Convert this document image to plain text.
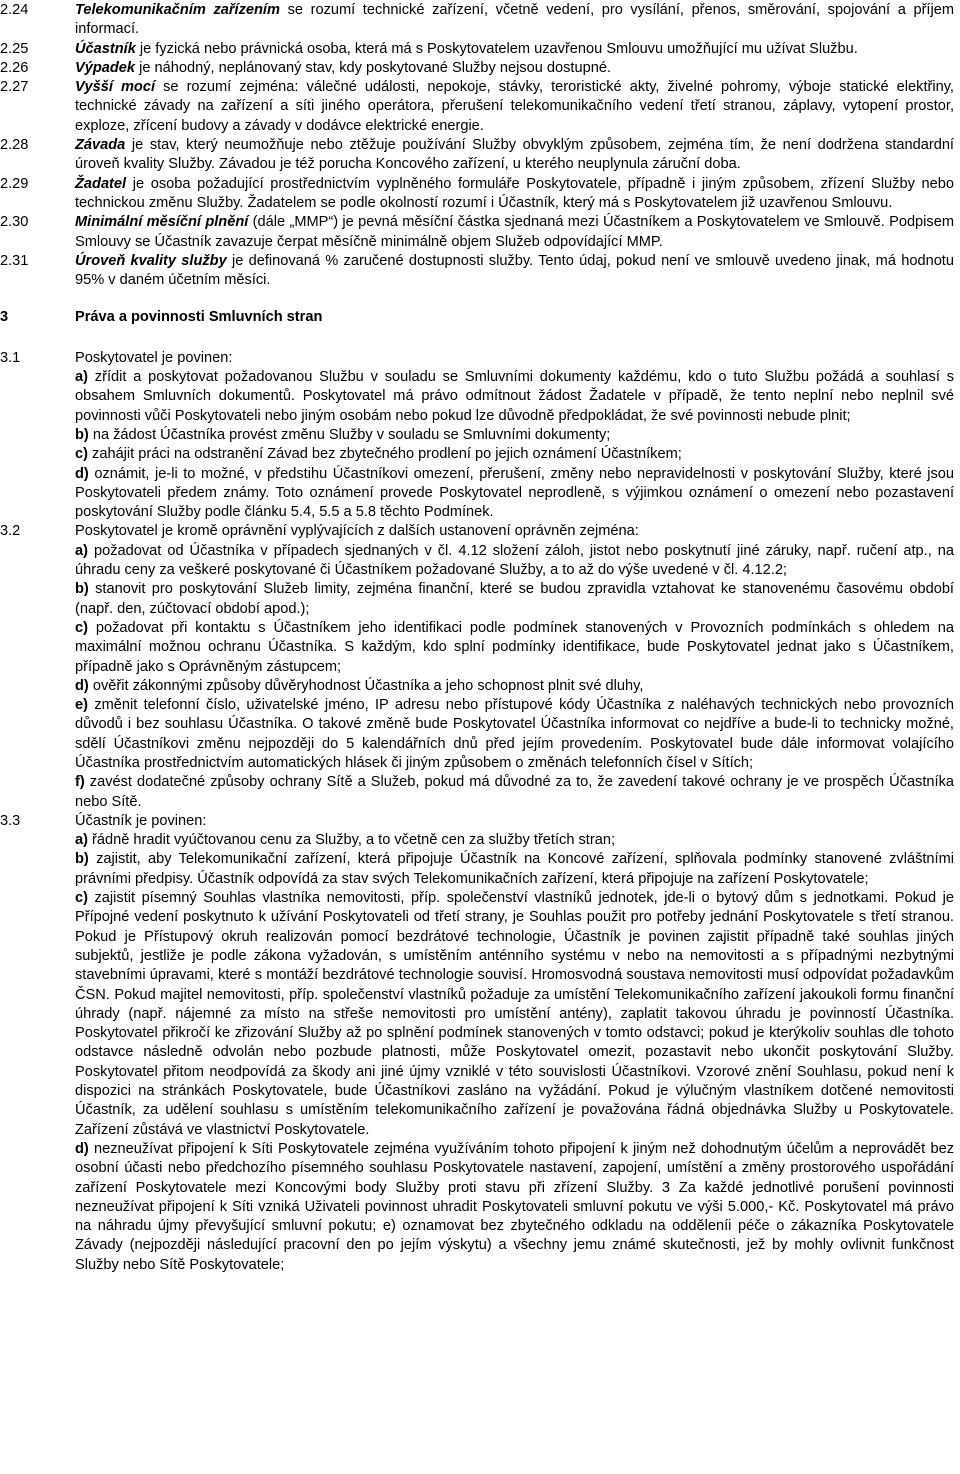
2.24	Telekomunikačním zařízením se rozumí technické zařízení, včetně vedení, pro vysílání, přenos, směrování, spojování a příjem informací.

2.25	Účastník je fyzická nebo právnická osoba, která má s Poskytovatelem uzavřenou Smlouvu umožňující mu užívat Službu.

2.26	Výpadek je náhodný, neplánovaný stav, kdy poskytované Služby nejsou dostupné.

2.27	Vyšší mocí se rozumí zejména: válečné události, nepokoje, stávky, teroristické akty, živelné pohromy, výboje statické elektřiny, technické závady na zařízení a síti jiného operátora, přerušení telekomunikačního vedení třetí stranou, záplavy, vytopení prostor, exploze, zřícení budovy a závady v dodávce elektrické energie.

2.28	Závada je stav, který neumožňuje nebo ztěžuje používání Služby obvyklým způsobem, zejména tím, že není dodržena standardní úroveň kvality Služby. Závadou je též porucha Koncového zařízení, u kterého neuplynula záruční doba.

2.29	Žadatel je osoba požadující prostřednictvím vyplněného formuláře Poskytovatele, případně i jiným způsobem, zřízení Služby nebo technickou změnu Služby. Žadatelem se podle okolností rozumí i Účastník, který má s Poskytovatelem již uzavřenou Smlouvu.

2.30	Minimální měsíční plnění (dále „MMP“) je pevná měsíční částka sjednaná mezi Účastníkem a Poskytovatelem ve Smlouvě. Podpisem Smlouvy se Účastník zavazuje čerpat měsíčně minimálně objem Služeb odpovídající MMP.

2.31	Úroveň kvality služby je definovaná % zaručené dostupnosti služby. Tento údaj, pokud není ve smlouvě uvedeno jinak, má hodnotu 95% v daném účetním měsíci.

3	Práva a povinnosti Smluvních stran
3.1	Poskytovatel je povinen:

a) zřídit a poskytovat požadovanou Službu v souladu se Smluvními dokumenty každému, kdo o tuto Službu požádá a souhlasí s obsahem Smluvních dokumentů. Poskytovatel má právo odmítnout žádost Žadatele v případě, že tento neplní nebo neplnil své povinnosti vůči Poskytovateli nebo jiným osobám nebo pokud lze důvodně předpokládat, že své povinnosti nebude plnit;

b) na žádost Účastníka provést změnu Služby v souladu se Smluvními dokumenty;

c) zahájit práci na odstranění Závad bez zbytečného prodlení po jejich oznámení Účastníkem;

d) oznámit, je-li to možné, v předstihu Účastníkovi omezení, přerušení, změny nebo nepravidelnosti v poskytování Služby, které jsou Poskytovateli předem známy. Toto oznámení provede Poskytovatel neprodleně, s výjimkou oznámení o omezení nebo pozastavení poskytování Služby podle článku 5.4, 5.5 a 5.8 těchto Podmínek.

3.2	Poskytovatel je kromě oprávnění vyplývajících z dalších ustanovení oprávněn zejména:

a) požadovat od Účastníka v případech sjednaných v čl. 4.12 složení záloh, jistot nebo poskytnutí jiné záruky, např. ručení atp., na úhradu ceny za veškeré poskytované či Účastníkem požadované Služby, a to až do výše uvedené v čl. 4.12.2;

b) stanovit pro poskytování Služeb limity, zejména finanční, které se budou zpravidla vztahovat ke stanovenému časovému období (např. den, zúčtovací období apod.);

c) požadovat při kontaktu s Účastníkem jeho identifikaci podle podmínek stanovených v Provozních podmínkách s ohledem na maximální možnou ochranu Účastníka. S každým, kdo splní podmínky identifikace, bude Poskytovatel jednat jako s Účastníkem, případně jako s Oprávněným zástupcem;

d) ověřit zákonnými způsoby důvěryhodnost Účastníka a jeho schopnost plnit své dluhy,

e) změnit telefonní číslo, uživatelské jméno, IP adresu nebo přístupové kódy Účastníka z naléhavých technických nebo provozních důvodů i bez souhlasu Účastníka. O takové změně bude Poskytovatel Účastníka informovat co nejdříve a bude-li to technicky možné, sdělí Účastníkovi změnu nejpozději do 5 kalendářních dnů před jejím provedením. Poskytovatel bude dále informovat volajícího Účastníka prostřednictvím automatických hlásek či jiným způsobem o změnách telefonních čísel v Sítích;

f) zavést dodatečné způsoby ochrany Sítě a Služeb, pokud má důvodné za to, že zavedení takové ochrany je ve prospěch Účastníka nebo Sítě.

3.3	Účastník je povinen:

a) řádně hradit vyúčtovanou cenu za Služby, a to včetně cen za služby třetích stran;

b) zajistit, aby Telekomunikační zařízení, která připojuje Účastník na Koncové zařízení, splňovala podmínky stanovené zvláštními právními předpisy. Účastník odpovídá za stav svých Telekomunikačních zařízení, která připojuje na zařízení Poskytovatele;

c) zajistit písemný Souhlas vlastníka nemovitosti, příp. společenství vlastníků jednotek, jde-li o bytový dům s jednotkami. Pokud je Přípojné vedení poskytnuto k užívání Poskytovateli od třetí strany, je Souhlas použit pro potřeby jednání Poskytovatele s třetí stranou. Pokud je Přístupový okruh realizován pomocí bezdrátové technologie, Účastník je povinen zajistit případně také souhlas jiných subjektů, jestliže je podle zákona vyžadován, s umístěním anténního systému v nebo na nemovitosti a s případnými nezbytnými stavebními úpravami, které s montáží bezdrátové technologie souvisí. Hromosvodná soustava nemovitosti musí odpovídat požadavkům ČSN. Pokud majitel nemovitosti, příp. společenství vlastníků požaduje za umístění Telekomunikačního zařízení jakoukoli formu finanční úhrady (např. nájemné za místo na střeše nemovitosti pro umístění antény), zaplatit takovou úhradu je povinností Účastníka. Poskytovatel přikročí ke zřizování Služby až po splnění podmínek stanovených v tomto odstavci; pokud je kterýkoliv souhlas dle tohoto odstavce následně odvolán nebo pozbude platnosti, může Poskytovatel omezit, pozastavit nebo ukončit poskytování Služby. Poskytovatel přitom neodpovídá za škody ani jiné újmy vzniklé v této souvislosti Účastníkovi. Vzorové znění Souhlasu, pokud není k dispozici na stránkách Poskytovatele, bude Účastníkovi zasláno na vyžádání. Pokud je výlučným vlastníkem dotčené nemovitosti Účastník, za udělení souhlasu s umístěním telekomunikačního zařízení je považována řádná objednávka Služby u Poskytovatele. Zařízení zůstává ve vlastnictví Poskytovatele.

d) nezneužívat připojení k Síti Poskytovatele zejména využíváním tohoto připojení k jiným než dohodnutým účelům a neprovádět bez osobní účasti nebo předchozího písemného souhlasu Poskytovatele nastavení, zapojení, umístění a změny prostorového uspořádání zařízení Poskytovatele mezi Koncovými body Služby proti stavu při zřízení Služby. 3 Za každé jednotlivé porušení povinnosti nezneužívat připojení k Síti vzniká Uživateli povinnost uhradit Poskytovateli smluvní pokutu ve výši 5.000,- Kč. Poskytovatel má právo na náhradu újmy převyšující smluvní pokutu; e) oznamovat bez zbytečného odkladu na odděleníi péče o zákazníka Poskytovatele Závady (nejpozději následující pracovní den po jejím výskytu) a všechny jemu známé skutečnosti, jež by mohly ovlivnit funkčnost Služby nebo Sítě Poskytovatele;
